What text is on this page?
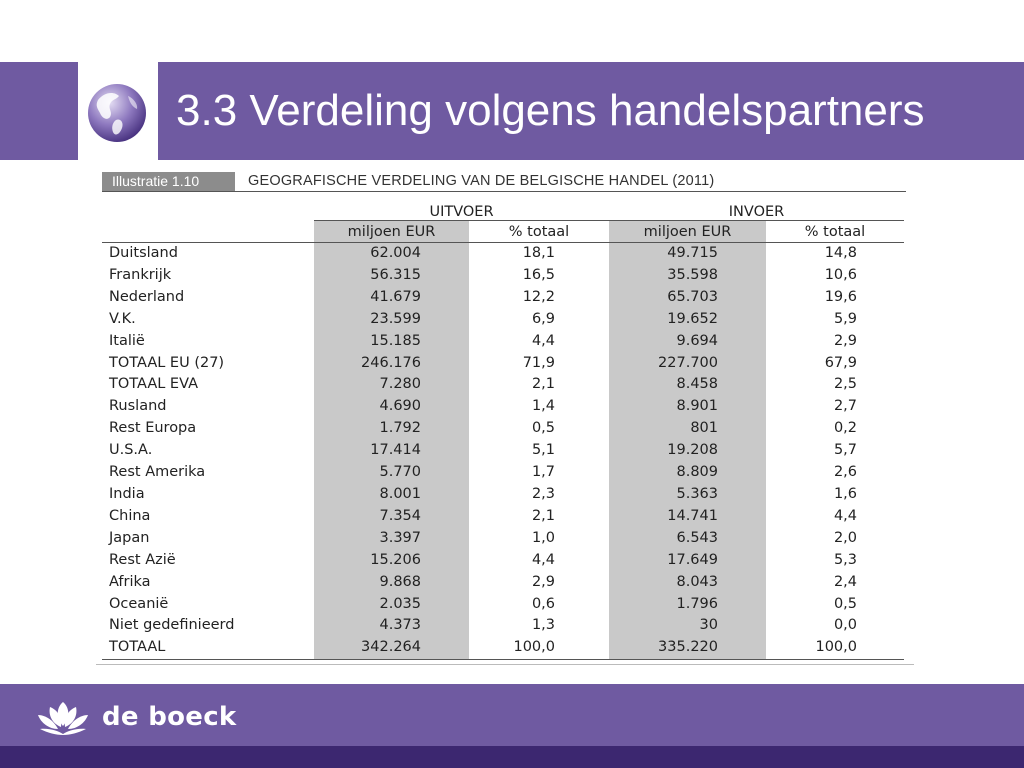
3.3 Verdeling volgens handelspartners
Illustratie 1.10	GEOGRAFISCHE VERDELING VAN DE BELGISCHE HANDEL (2011)
	UITVOER		INVOER	
	miljoen EUR	% totaal	miljoen EUR	% totaal
Duitsland	62.004	18,1	49.715	14,8
Frankrijk	56.315	16,5	35.598	10,6
Nederland	41.679	12,2	65.703	19,6
V.K.	23.599	6,9	19.652	5,9
Italië	15.185	4,4	9.694	2,9
TOTAAL EU (27)	246.176	71,9	227.700	67,9
TOTAAL EVA	7.280	2,1	8.458	2,5
Rusland	4.690	1,4	8.901	2,7
Rest Europa	1.792	0,5	801	0,2
U.S.A.	17.414	5,1	19.208	5,7
Rest Amerika	5.770	1,7	8.809	2,6
India	8.001	2,3	5.363	1,6
China	7.354	2,1	14.741	4,4
Japan	3.397	1,0	6.543	2,0
Rest Azië	15.206	4,4	17.649	5,3
Afrika	9.868	2,9	8.043	2,4
Oceanië	2.035	0,6	1.796	0,5
Niet gedefinieerd	4.373	1,3	30	0,0
TOTAAL	342.264	100,0	335.220	100,0
de boeck
